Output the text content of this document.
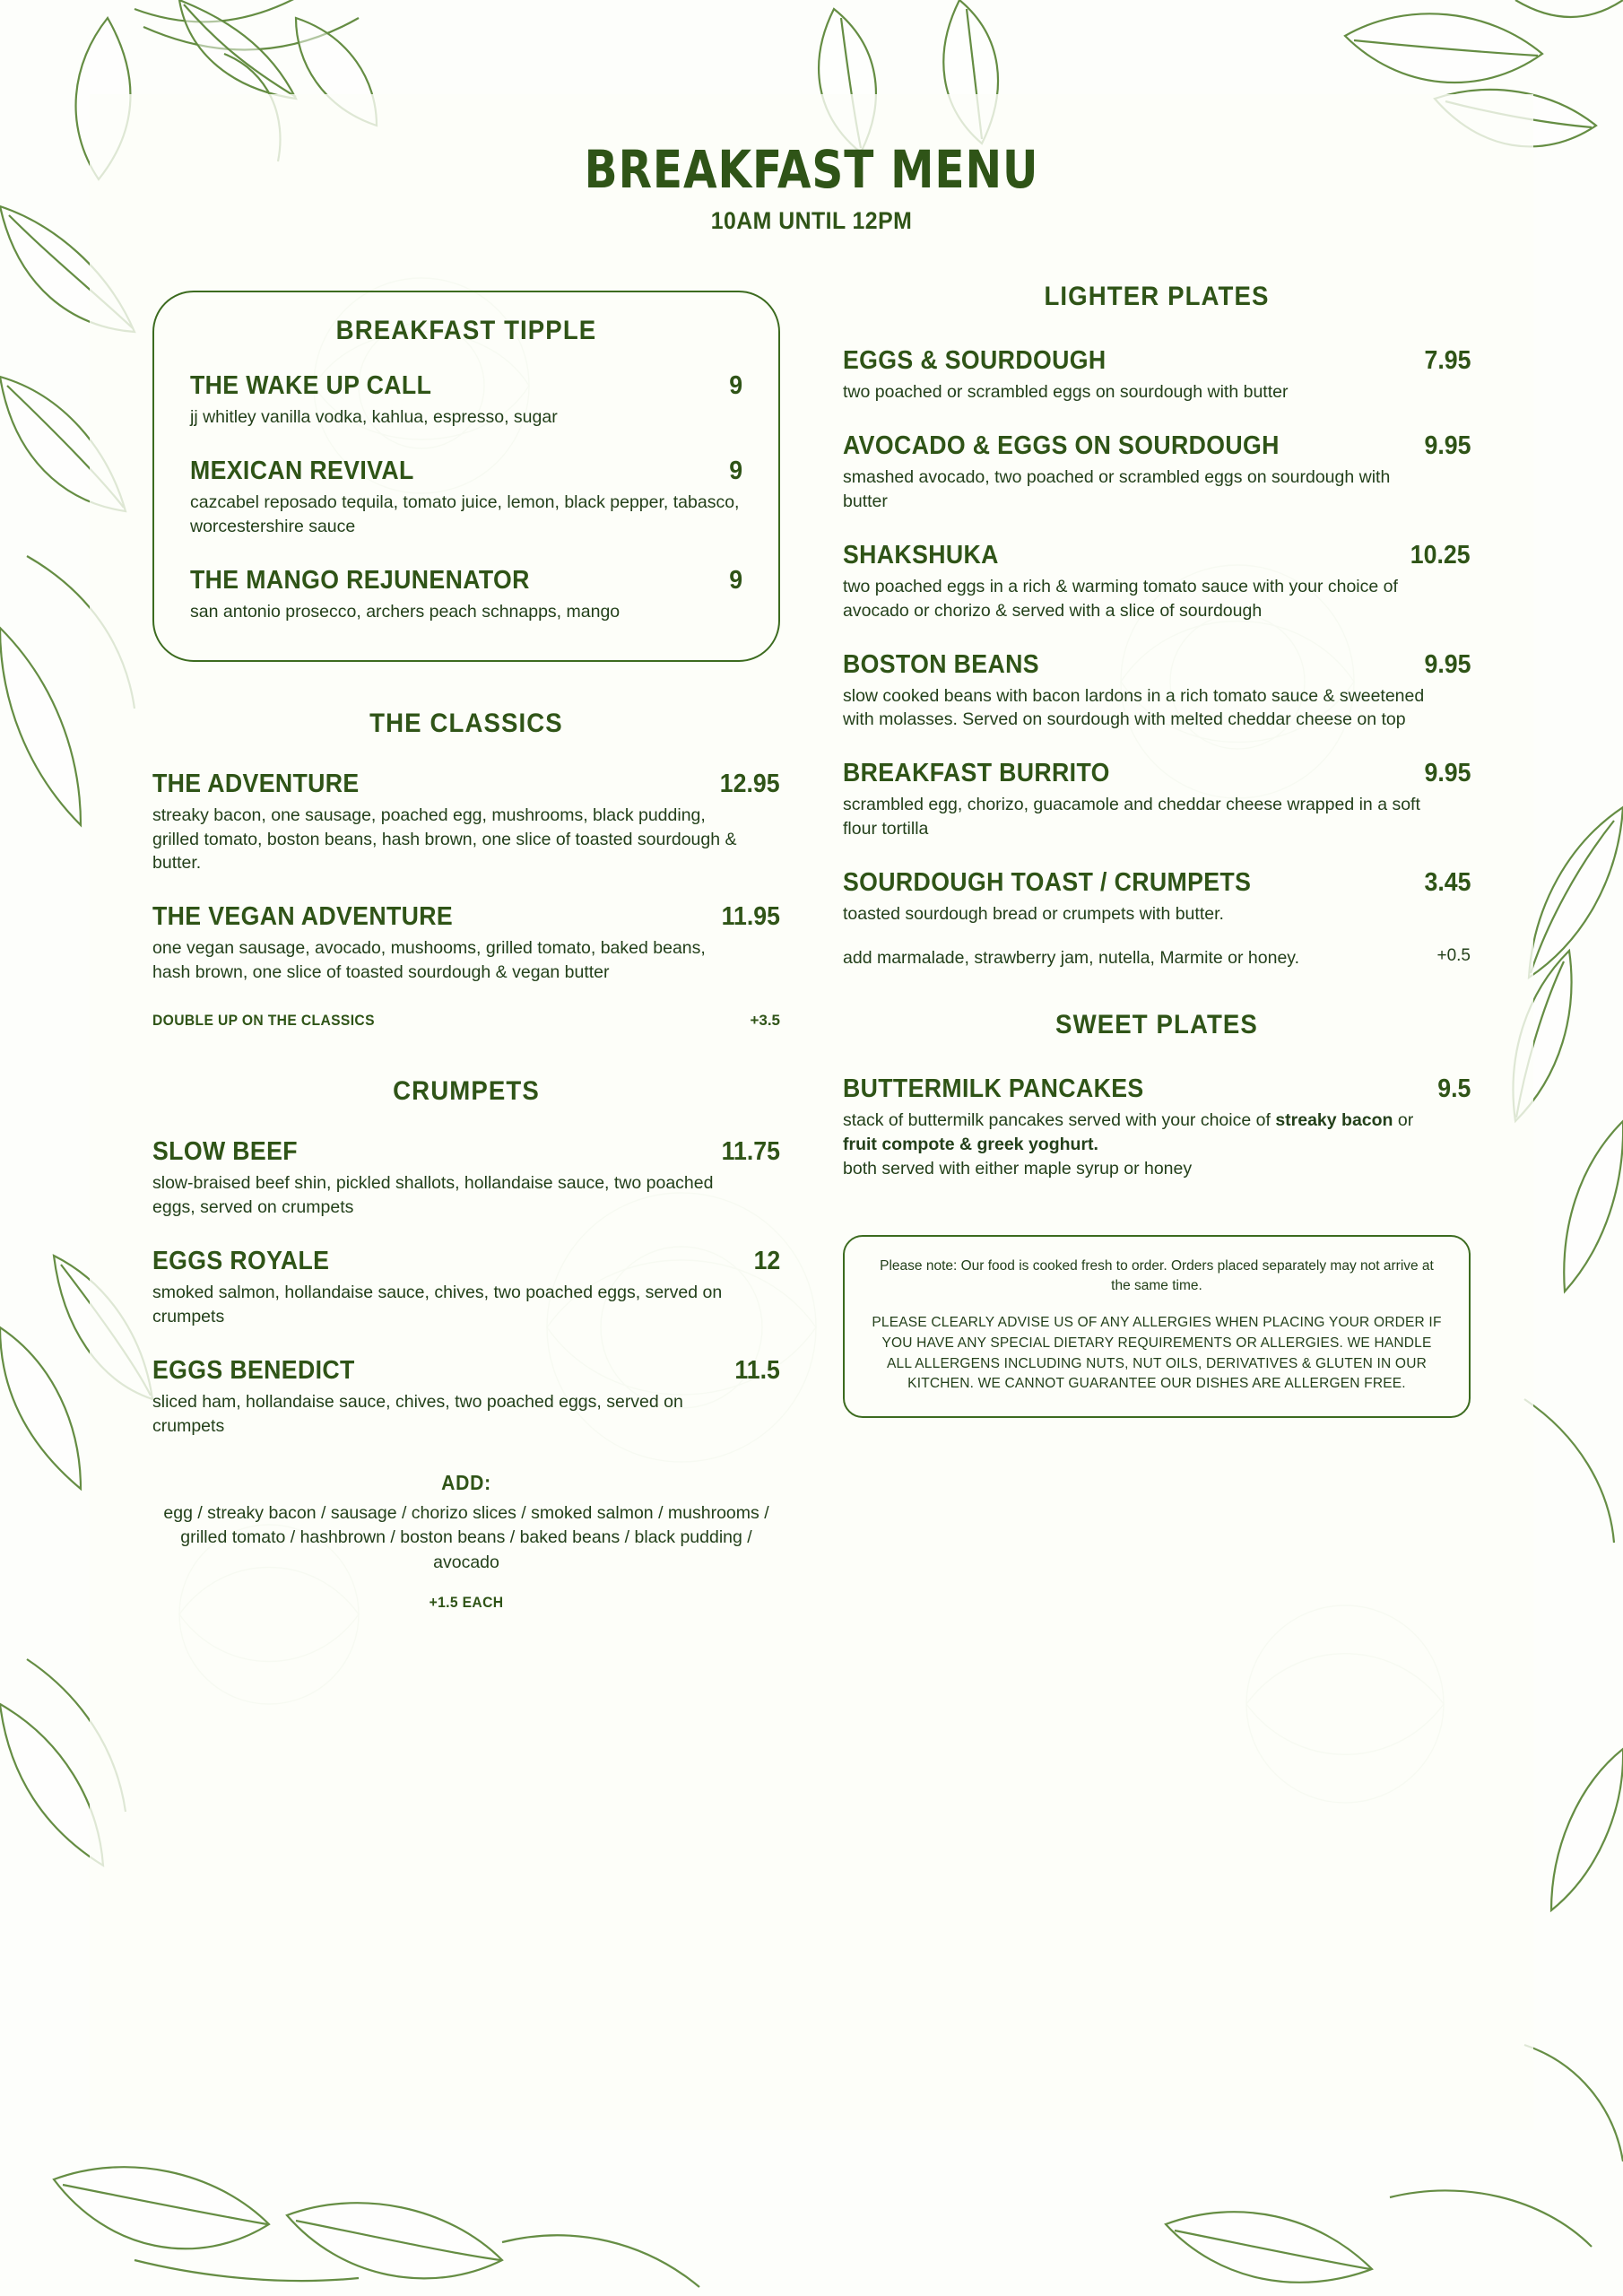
BREAKFAST MENU
10AM UNTIL 12PM
BREAKFAST TIPPLE
THE WAKE UP CALL	9
jj whitley vanilla vodka, kahlua, espresso, sugar
MEXICAN REVIVAL	9
cazcabel reposado tequila, tomato juice, lemon, black pepper, tabasco, worcestershire sauce
THE MANGO REJUNENATOR	9
san antonio prosecco, archers peach schnapps, mango
THE CLASSICS
THE ADVENTURE	12.95
streaky bacon, one sausage, poached egg, mushrooms, black pudding, grilled tomato, boston beans, hash brown, one slice of toasted sourdough & butter.
THE VEGAN ADVENTURE	11.95
one vegan sausage, avocado, mushooms, grilled tomato, baked beans, hash brown, one slice of toasted sourdough & vegan butter
DOUBLE UP ON THE CLASSICS	+3.5
CRUMPETS
SLOW BEEF	11.75
slow-braised beef shin, pickled shallots, hollandaise sauce, two poached eggs, served on crumpets
EGGS ROYALE	12
smoked salmon, hollandaise sauce, chives, two poached eggs, served on crumpets
EGGS BENEDICT	11.5
sliced ham, hollandaise sauce, chives, two poached eggs, served on crumpets
ADD:
egg / streaky bacon / sausage / chorizo slices / smoked salmon / mushrooms / grilled tomato / hashbrown / boston beans / baked beans / black pudding / avocado
+1.5 EACH
LIGHTER PLATES
EGGS & SOURDOUGH	7.95
two poached or scrambled eggs on sourdough with butter
AVOCADO & EGGS ON SOURDOUGH	9.95
smashed avocado, two poached or scrambled eggs on sourdough with butter
SHAKSHUKA	10.25
two poached eggs in a rich & warming tomato sauce with your choice of avocado or chorizo & served with a slice of sourdough
BOSTON BEANS	9.95
slow cooked beans with bacon lardons in a rich tomato sauce & sweetened with molasses. Served on sourdough with melted cheddar cheese on top
BREAKFAST BURRITO	9.95
scrambled egg, chorizo, guacamole and cheddar cheese wrapped in a soft flour tortilla
SOURDOUGH TOAST / CRUMPETS	3.45
toasted sourdough bread or crumpets with butter.
add marmalade, strawberry jam, nutella, Marmite or honey.	+0.5
SWEET PLATES
BUTTERMILK PANCAKES	9.5
stack of buttermilk pancakes served with your choice of streaky bacon or fruit compote & greek yoghurt.
both served with either maple syrup or honey
Please note: Our food is cooked fresh to order. Orders placed separately may not arrive at the same time.
PLEASE CLEARLY ADVISE US OF ANY ALLERGIES WHEN PLACING YOUR ORDER IF YOU HAVE ANY SPECIAL DIETARY REQUIREMENTS OR ALLERGIES. WE HANDLE ALL ALLERGENS INCLUDING NUTS, NUT OILS, DERIVATIVES & GLUTEN IN OUR KITCHEN. WE CANNOT GUARANTEE OUR DISHES ARE ALLERGEN FREE.
